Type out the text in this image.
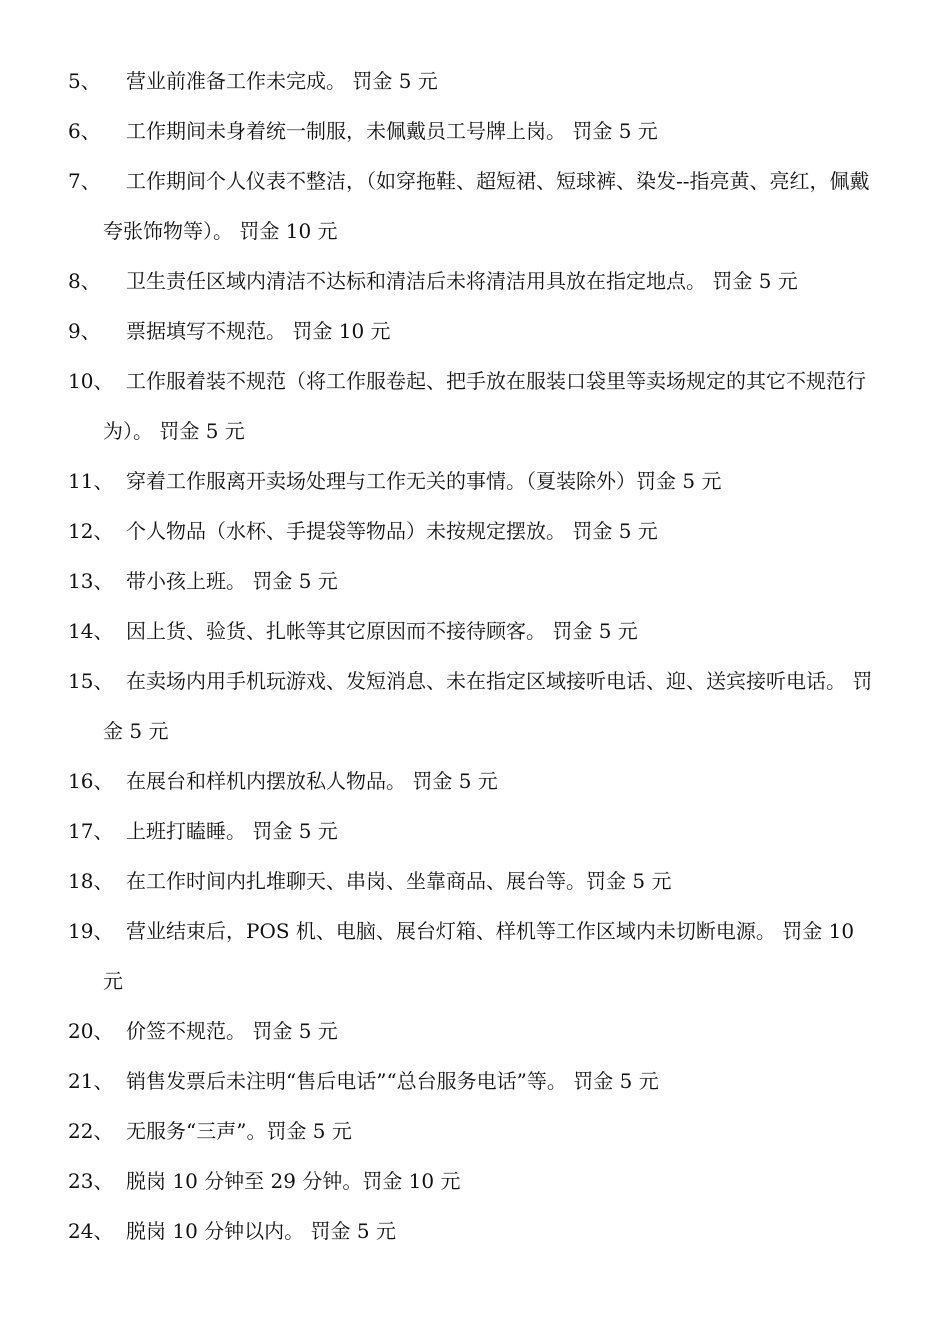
5、	营业前准备工作未完成。 罚金 5 元
6、	工作期间未身着统一制服，未佩戴员工号牌上岗。 罚金 5 元
7、	工作期间个人仪表不整洁，（如穿拖鞋、超短裙、短球裤、染发--指亮黄、亮红，佩戴夸张饰物等）。 罚金 10 元
8、	卫生责任区域内清洁不达标和清洁后未将清洁用具放在指定地点。 罚金 5 元
9、	票据填写不规范。 罚金 10 元
10、 工作服着装不规范（将工作服卷起、把手放在服装口袋里等卖场规定的其它不规范行为）。 罚金 5 元
11、 穿着工作服离开卖场处理与工作无关的事情。（夏装除外）罚金 5 元
12、 个人物品（水杯、手提袋等物品）未按规定摆放。 罚金 5 元
13、 带小孩上班。 罚金 5 元
14、 因上货、验货、扎帐等其它原因而不接待顾客。 罚金 5 元
15、 在卖场内用手机玩游戏、发短消息、未在指定区域接听电话、迎、送宾接听电话。 罚金 5 元
16、 在展台和样机内摆放私人物品。 罚金 5 元
17、 上班打瞌睡。 罚金 5 元
18、 在工作时间内扎堆聊天、串岗、坐靠商品、展台等。罚金 5 元
19、 营业结束后，POS 机、电脑、展台灯箱、样机等工作区域内未切断电源。 罚金 10 元
20、 价签不规范。 罚金 5 元
21、 销售发票后未注明“售后电话”“总台服务电话”等。 罚金 5 元
22、 无服务“三声”。罚金 5 元
23、 脱岗 10 分钟至 29 分钟。罚金 10 元
24、 脱岗 10 分钟以内。 罚金 5 元
